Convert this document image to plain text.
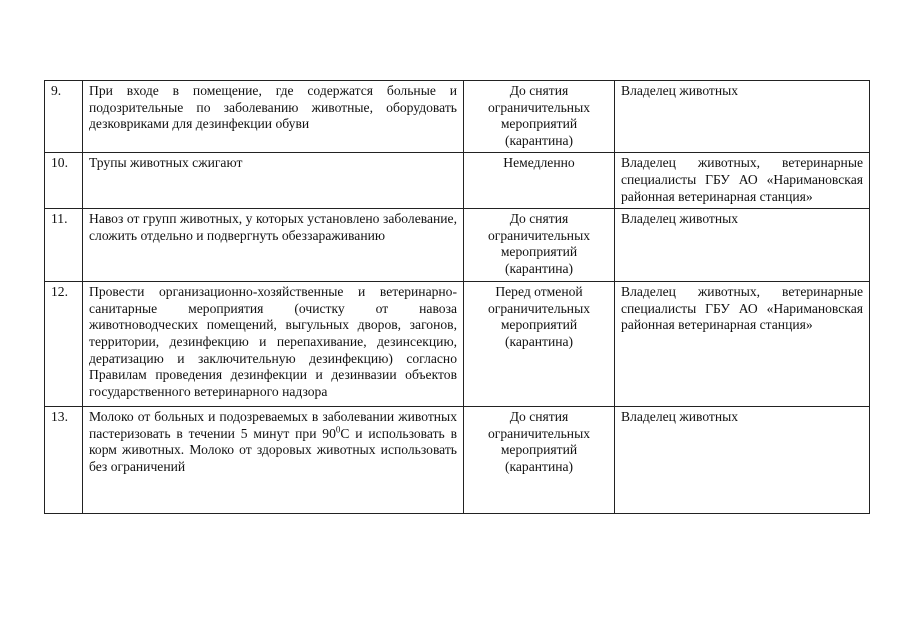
9.	При входе в помещение, где содержатся больные и подозрительные по заболеванию животные, оборудовать дезковриками для дезинфекции обуви	До снятия ограничительных мероприятий (карантина)	Владелец животных
10.	Трупы животных сжигают	Немедленно	Владелец животных, ветеринарные специалисты ГБУ АО «Наримановская районная ветеринарная станция»
11.	Навоз от групп животных, у которых установлено заболевание, сложить отдельно и подвергнуть обеззараживанию	До снятия ограничительных мероприятий (карантина)	Владелец животных
12.	Провести организационно-хозяйственные и ветеринарно-санитарные мероприятия (очистку от навоза животноводческих помещений, выгульных дворов, загонов, территории, дезинфекцию и перепахивание, дезинсекцию, дератизацию и заключительную дезинфекцию) согласно Правилам проведения дезинфекции и дезинвазии объектов государственного ветеринарного надзора	Перед отменой ограничительных мероприятий (карантина)	Владелец животных, ветеринарные специалисты ГБУ АО «Наримановская районная ветеринарная станция»
13.	Молоко от больных и подозреваемых в заболевании животных пастеризовать в течении 5 минут при $90^0С$ и использовать в корм животных. Молоко от здоровых животных использовать без ограничений	До снятия ограничительных мероприятий (карантина)	Владелец животных
